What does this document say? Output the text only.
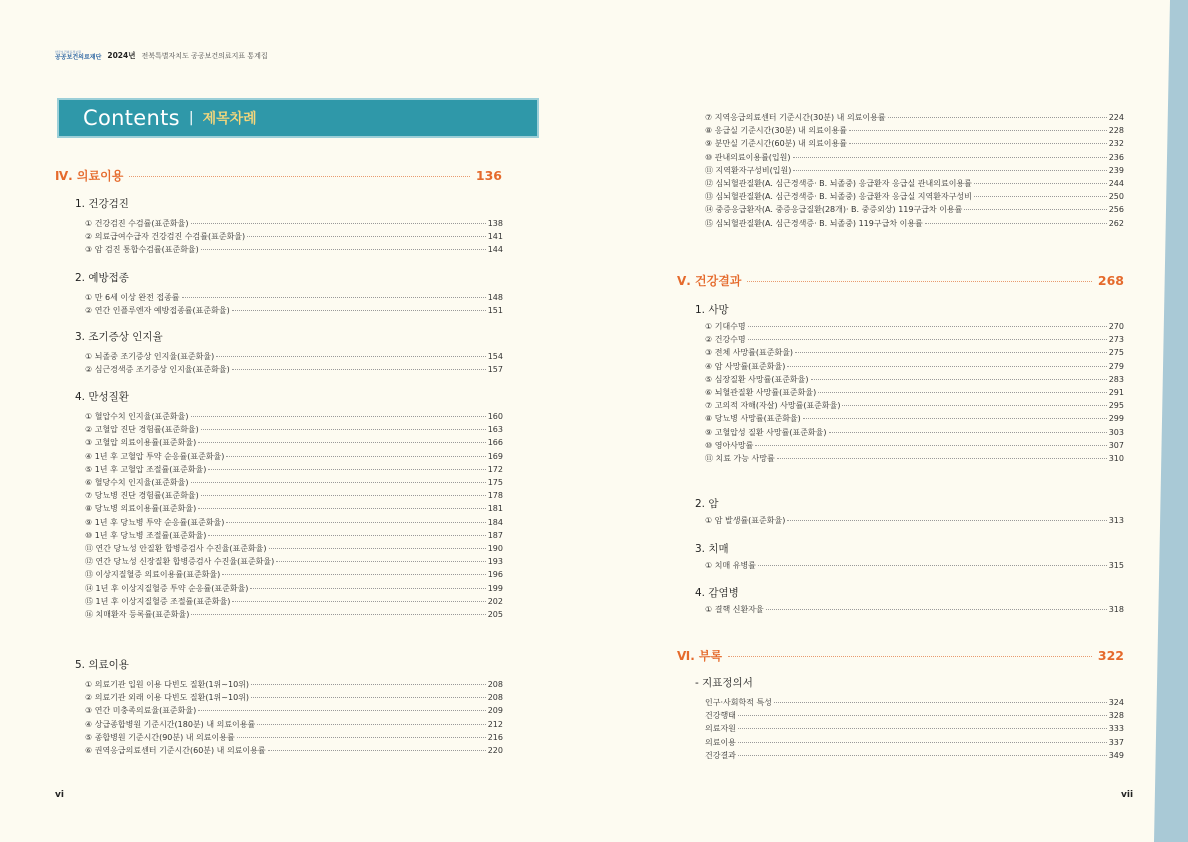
한국보건의료정보원
공공보건의료재단 2024년 전북특별자치도 공공보건의료지표 통계집
Contents | 제목차례
Ⅳ. 의료이용	136
1. 건강검진
① 건강검진 수검률(표준화율)	138
② 의료급여수급자 건강검진 수검률(표준화율)	141
③ 암 검진 통합수검률(표준화율)	144
2. 예방접종
① 만 6세 이상 완전 접종률	148
② 연간 인플루엔자 예방접종률(표준화율)	151
3. 조기증상 인지율
① 뇌졸중 조기증상 인지율(표준화율)	154
② 심근경색증 조기증상 인지율(표준화율)	157
4. 만성질환
① 혈압수치 인지율(표준화율)	160
② 고혈압 진단 경험률(표준화율)	163
③ 고혈압 의료이용률(표준화율)	166
④ 1년 후 고혈압 투약 순응률(표준화율)	169
⑤ 1년 후 고혈압 조절률(표준화율)	172
⑥ 혈당수치 인지율(표준화율)	175
⑦ 당뇨병 진단 경험률(표준화율)	178
⑧ 당뇨병 의료이용률(표준화율)	181
⑨ 1년 후 당뇨병 투약 순응률(표준화율)	184
⑩ 1년 후 당뇨병 조절률(표준화율)	187
⑪ 연간 당뇨성 안질환 합병증검사 수진율(표준화율)	190
⑫ 연간 당뇨성 신장질환 합병증검사 수진율(표준화율)	193
⑬ 이상지질혈증 의료이용률(표준화율)	196
⑭ 1년 후 이상지질혈증 투약 순응률(표준화율)	199
⑮ 1년 후 이상지질혈증 조절률(표준화율)	202
⑯ 치매환자 등록률(표준화율)	205
5. 의료이용
① 의료기관 입원 이용 다빈도 질환(1위~10위)	208
② 의료기관 외래 이용 다빈도 질환(1위~10위)	208
③ 연간 미충족의료율(표준화율)	209
④ 상급종합병원 기준시간(180분) 내 의료이용률	212
⑤ 종합병원 기준시간(90분) 내 의료이용률	216
⑥ 권역응급의료센터 기준시간(60분) 내 의료이용률	220
⑦ 지역응급의료센터 기준시간(30분) 내 의료이용률	224
⑧ 응급실 기준시간(30분) 내 의료이용률	228
⑨ 분만실 기준시간(60분) 내 의료이용률	232
⑩ 관내의료이용률(입원)	236
⑪ 지역환자구성비(입원)	239
⑫ 심뇌혈관질환(A. 심근경색증· B. 뇌졸중) 응급환자 응급실 관내의료이용률	244
⑬ 심뇌혈관질환(A. 심근경색증· B. 뇌졸중) 응급환자 응급실 지역환자구성비	250
⑭ 중증응급환자(A. 중증응급질환(28개)· B. 중증외상) 119구급차 이용률	256
⑮ 심뇌혈관질환(A. 심근경색증· B. 뇌졸중) 119구급차 이용률	262
Ⅴ. 건강결과	268
1. 사망
① 기대수명	270
② 건강수명	273
③ 전체 사망률(표준화율)	275
④ 암 사망률(표준화율)	279
⑤ 심장질환 사망률(표준화율)	283
⑥ 뇌혈관질환 사망률(표준화율)	291
⑦ 고의적 자해(자살) 사망률(표준화율)	295
⑧ 당뇨병 사망률(표준화율)	299
⑨ 고혈압성 질환 사망률(표준화율)	303
⑩ 영아사망률	307
⑪ 치료 가능 사망률	310
2. 암
① 암 발생률(표준화율)	313
3. 치매
① 치매 유병률	315
4. 감염병
① 결핵 신환자율	318
Ⅵ. 부록	322
- 지표정의서
인구·사회학적 특성	324
건강행태	328
의료자원	333
의료이용	337
건강결과	349
vi	vii
